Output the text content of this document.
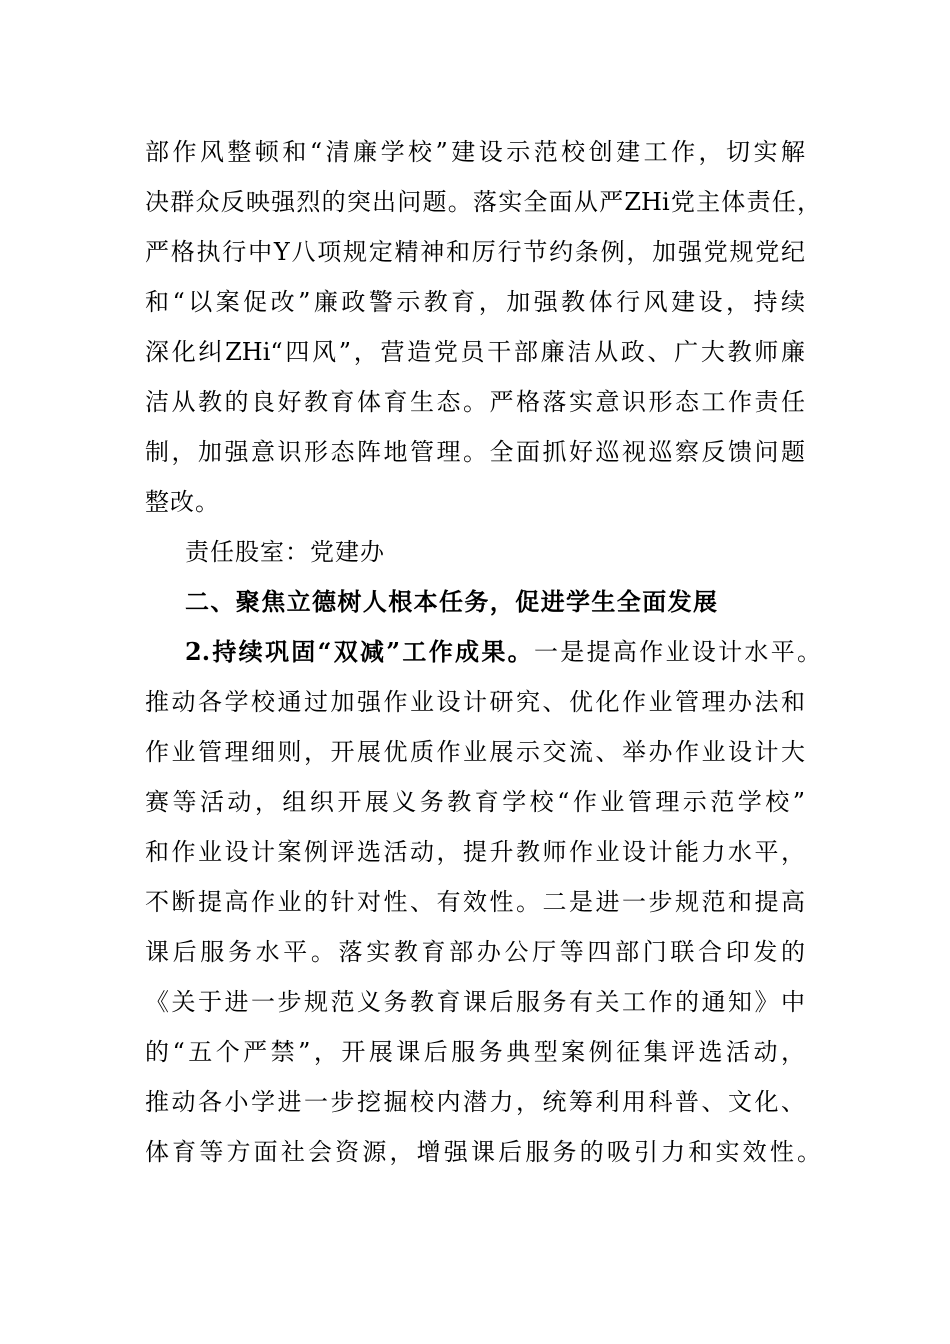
部作风整顿和“清廉学校”建设示范校创建工作，切实解
决群众反映强烈的突出问题。落实全面从严ZHi党主体责任，
严格执行中Y八项规定精神和厉行节约条例，加强党规党纪
和“以案促改”廉政警示教育，加强教体行风建设，持续
深化纠ZHi“四风”，营造党员干部廉洁从政、广大教师廉
洁从教的良好教育体育生态。严格落实意识形态工作责任
制，加强意识形态阵地管理。全面抓好巡视巡察反馈问题
整改。
责任股室：党建办
二、聚焦立德树人根本任务，促进学生全面发展
2.持续巩固“双减”工作成果。一是提高作业设计水平。
推动各学校通过加强作业设计研究、优化作业管理办法和
作业管理细则，开展优质作业展示交流、举办作业设计大
赛等活动，组织开展义务教育学校“作业管理示范学校”
和作业设计案例评选活动，提升教师作业设计能力水平，
不断提高作业的针对性、有效性。二是进一步规范和提高
课后服务水平。落实教育部办公厅等四部门联合印发的
《关于进一步规范义务教育课后服务有关工作的通知》中
的“五个严禁”，开展课后服务典型案例征集评选活动，
推动各小学进一步挖掘校内潜力，统筹利用科普、文化、
体育等方面社会资源，增强课后服务的吸引力和实效性。
